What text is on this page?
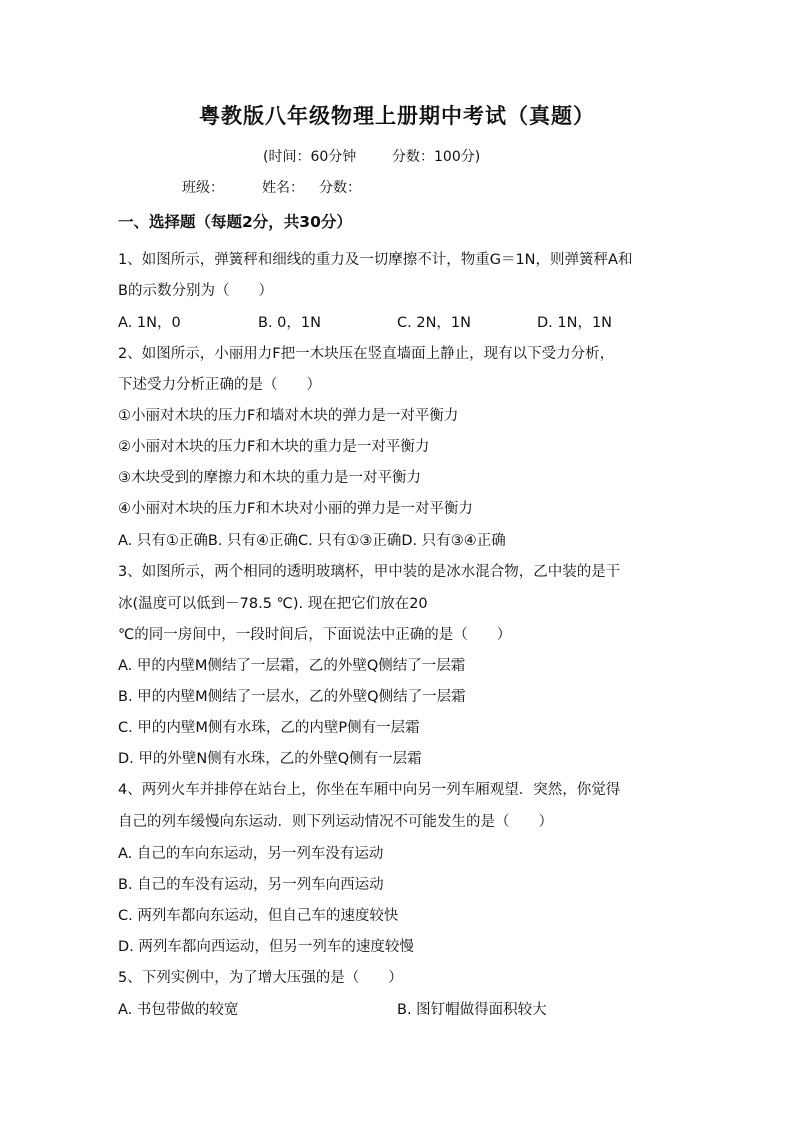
粤教版八年级物理上册期中考试（真题）
(时间：60分钟	分数：100分)
班级：	姓名： 分数：
一、选择题（每题2分，共30分）
1、如图所示，弹簧秤和细线的重力及一切摩擦不计，物重G＝1N，则弹簧秤A和
B的示数分别为（　　）
A. 1N，0	B. 0，1N	C. 2N，1N	D. 1N，1N
2、如图所示，小丽用力F把一木块压在竖直墙面上静止，现有以下受力分析，
下述受力分析正确的是（　　）
①小丽对木块的压力F和墙对木块的弹力是一对平衡力
②小丽对木块的压力F和木块的重力是一对平衡力
③木块受到的摩擦力和木块的重力是一对平衡力
④小丽对木块的压力F和木块对小丽的弹力是一对平衡力
A. 只有①正确B. 只有④正确C. 只有①③正确D. 只有③④正确
3、如图所示，两个相同的透明玻璃杯，甲中装的是冰水混合物，乙中装的是干
冰(温度可以低到－78.5 ℃). 现在把它们放在20
℃的同一房间中，一段时间后，下面说法中正确的是（　　）
A. 甲的内壁M侧结了一层霜，乙的外壁Q侧结了一层霜
B. 甲的内壁M侧结了一层水，乙的外壁Q侧结了一层霜
C. 甲的内壁M侧有水珠，乙的内壁P侧有一层霜
D. 甲的外壁N侧有水珠，乙的外壁Q侧有一层霜
4、两列火车并排停在站台上，你坐在车厢中向另一列车厢观望．突然，你觉得
自己的列车缓慢向东运动．则下列运动情况不可能发生的是（　　）
A. 自己的车向东运动，另一列车没有运动
B. 自己的车没有运动，另一列车向西运动
C. 两列车都向东运动，但自己车的速度较快
D. 两列车都向西运动，但另一列车的速度较慢
5、下列实例中，为了增大压强的是（　　）
A. 书包带做的较宽	B. 图钉帽做得面积较大
